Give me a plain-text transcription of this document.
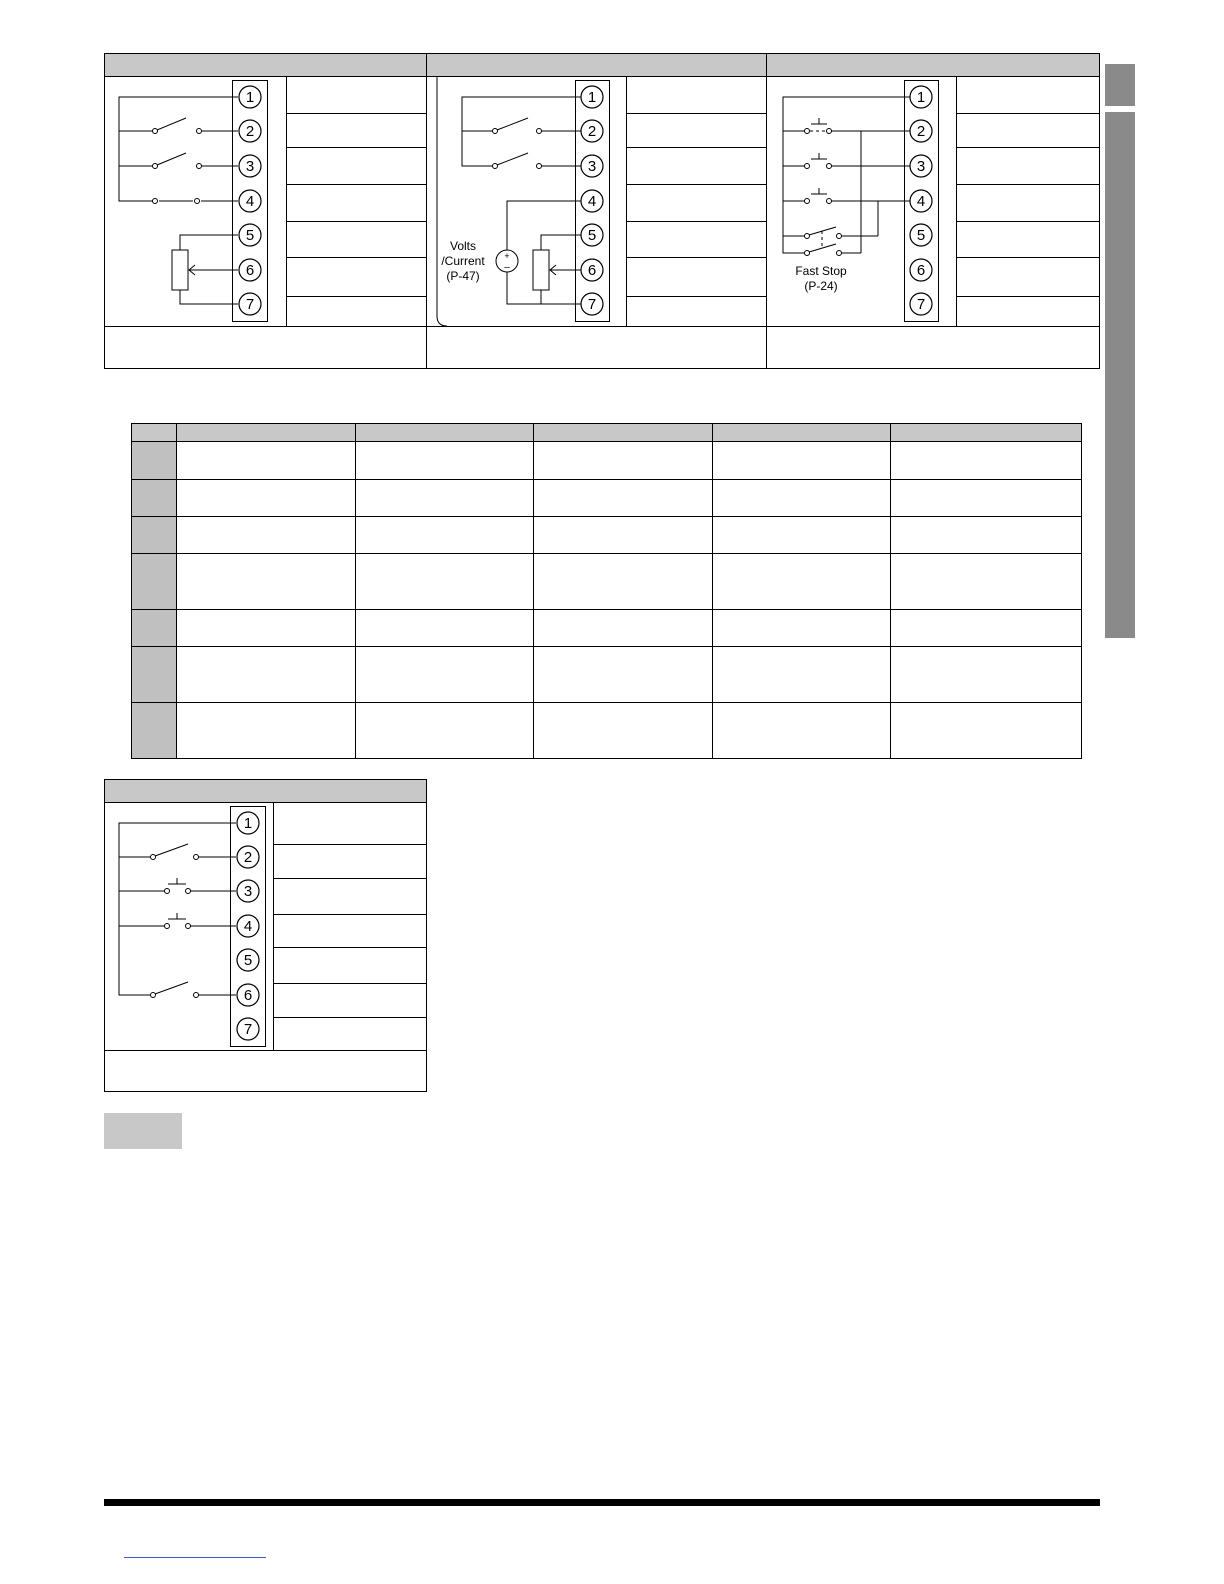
1
2
3
4
5
6
7
+
–
Volts
/Current
(P-47)
1
2
3
4
5
6
7
Fast Stop
(P-24)
1
2
3
4
5
6
7

1
2
3
4
5
6
7
